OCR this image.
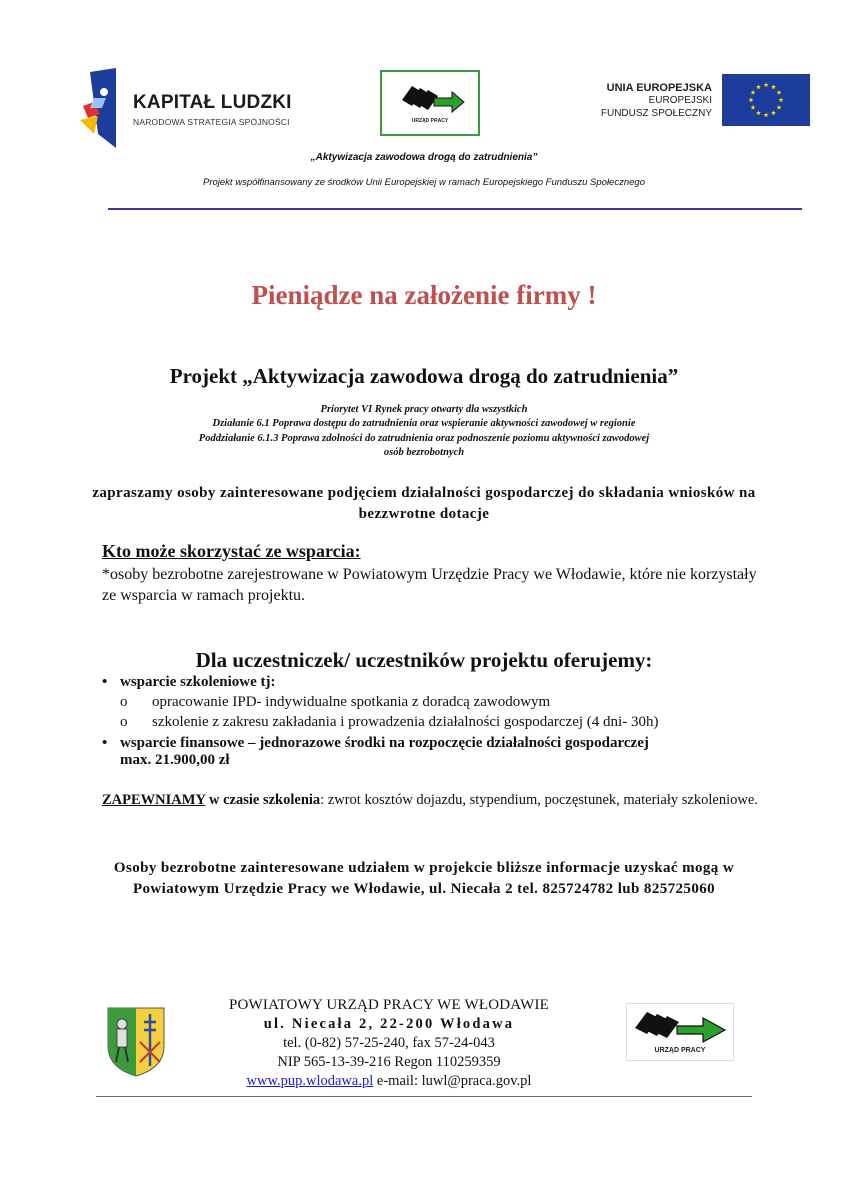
KAPITAŁ LUDZKI
NARODOWA STRATEGIA SPÓJNOŚCI	URZĄD PRACY
UNIA EUROPEJSKA
EUROPEJSKI
FUNDUSZ SPOŁECZNY
„Aktywizacja zawodowa drogą do zatrudnienia”
Projekt współfinansowany ze środków Unii Europejskiej w ramach Europejskiego Funduszu Społecznego
Pieniądze na założenie firmy !
Projekt „Aktywizacja zawodowa drogą do zatrudnienia”
Priorytet VI Rynek pracy otwarty dla wszystkich
Działanie 6.1 Poprawa dostępu do zatrudnienia oraz wspieranie aktywności zawodowej w regionie
Poddziałanie 6.1.3 Poprawa zdolności do zatrudnienia oraz podnoszenie poziomu aktywności zawodowej
osób bezrobotnych
zapraszamy osoby zainteresowane podjęciem działalności gospodarczej do składania wniosków na bezzwrotne dotacje
Kto może skorzystać ze wsparcia:
*osoby bezrobotne zarejestrowane w Powiatowym Urzędzie Pracy we Włodawie, które nie korzystały ze wsparcia w ramach projektu.
Dla uczestniczek/ uczestników projektu oferujemy:
• wsparcie szkoleniowe tj:
o opracowanie IPD- indywidualne spotkania z doradcą zawodowym
o szkolenie z zakresu zakładania i prowadzenia działalności gospodarczej (4 dni- 30h)
• wsparcie finansowe – jednorazowe środki na rozpoczęcie działalności gospodarczej
max. 21.900,00 zł
ZAPEWNIAMY w czasie szkolenia: zwrot kosztów dojazdu, stypendium, poczęstunek, materiały szkoleniowe.
Osoby bezrobotne zainteresowane udziałem w projekcie bliższe informacje uzyskać mogą w Powiatowym Urzędzie Pracy we Włodawie, ul. Niecała 2 tel. 825724782 lub 825725060
POWIATOWY URZĄD PRACY WE WŁODAWIE
ul. Niecała 2, 22-200 Włodawa
tel. (0-82) 57-25-240, fax 57-24-043
NIP 565-13-39-216 Regon 110259359
www.pup.wlodawa.pl e-mail: luwl@praca.gov.pl
URZĄD PRACY
